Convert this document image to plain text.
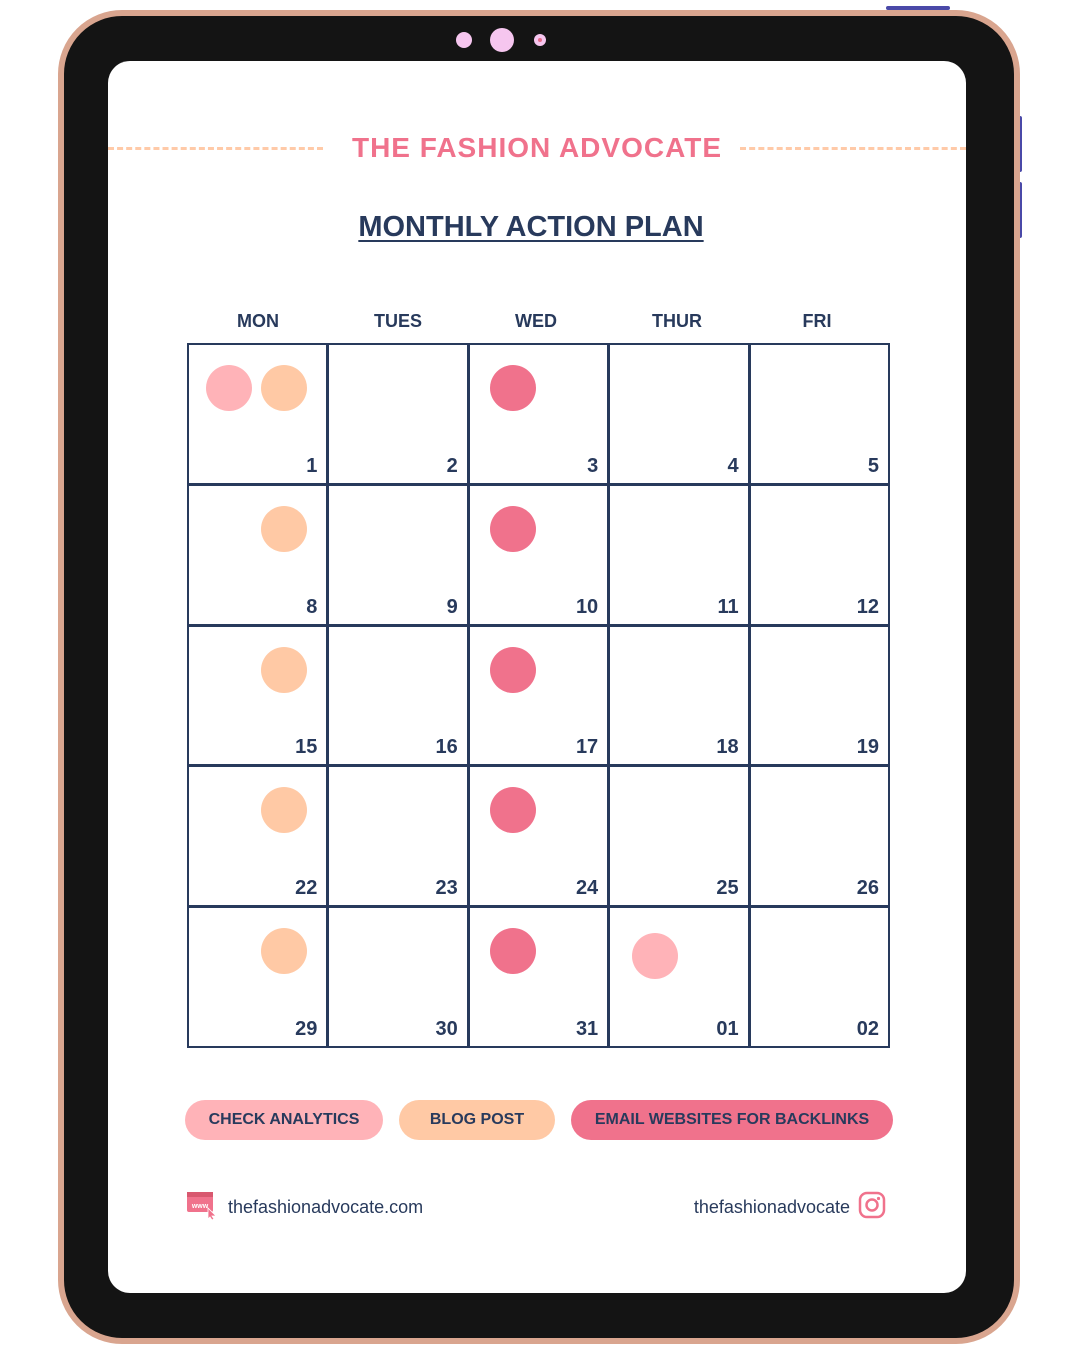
THE FASHION ADVOCATE
MONTHLY ACTION PLAN
MON	TUES	WED	THUR	FRI
1	2	3	4	5
8	9	10	11	12
15	16	17	18	19
22	23	24	25	26
29	30	31	01	02
CHECK ANALYTICS	BLOG POST	EMAIL WEBSITES FOR BACKLINKS
www thefashionadvocate.com	thefashionadvocate
